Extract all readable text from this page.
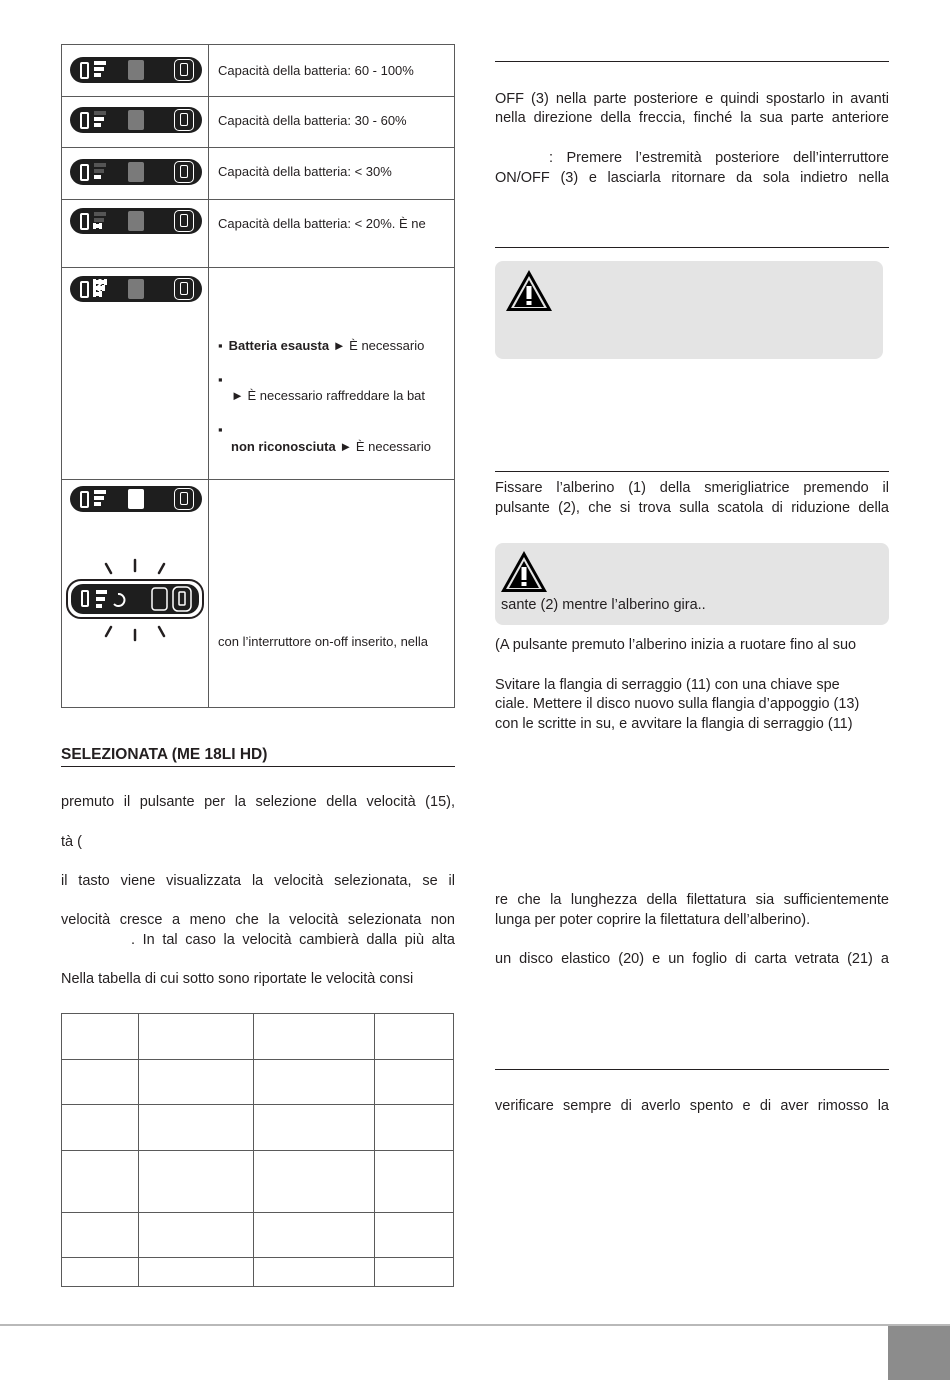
	Capacità della batteria: 60 - 100%

	Capacità della batteria: 30 - 60%

	Capacità della batteria: < 30%

	Capacità della batteria: < 20%. È ne

	▪ Batteria esausta ► È necessario
▪
► È necessario raffreddare la bat
▪
non riconosciuta ► È necessario

con l’interruttore on-off inserito, nella
SELEZIONATA (ME 18LI HD)

premuto il pulsante per la selezione della velocità (15),

tà (

il tasto viene visualizzata la velocità selezionata, se il

velocità cresce a meno che la velocità selezionata non

. In tal caso la velocità cambierà dalla più alta

Nella tabella di cui sotto sono riportate le velocità consi

OFF (3) nella parte posteriore e quindi spostarlo in avanti

nella direzione della freccia, finché la sua parte anteriore

: Premere l’estremità posteriore dell’interruttore

ON/OFF (3) e lasciarla ritornare da sola indietro nella

Fissare l’alberino (1) della smerigliatrice premendo il

pulsante (2), che si trova sulla scatola di riduzione della

sante (2) mentre l’alberino gira..

(A pulsante premuto l’alberino inizia a ruotare fino al suo

Svitare la flangia di serraggio (11) con una chiave spe

ciale. Mettere il disco nuovo sulla flangia d’appoggio (13)

con le scritte in su, e avvitare la flangia di serraggio (11)

re che la lunghezza della filettatura sia sufficientemente

lunga per poter coprire la filettatura dell’alberino).

un disco elastico (20) e un foglio di carta vetrata (21) a

verificare sempre di averlo spento e di aver rimosso la
